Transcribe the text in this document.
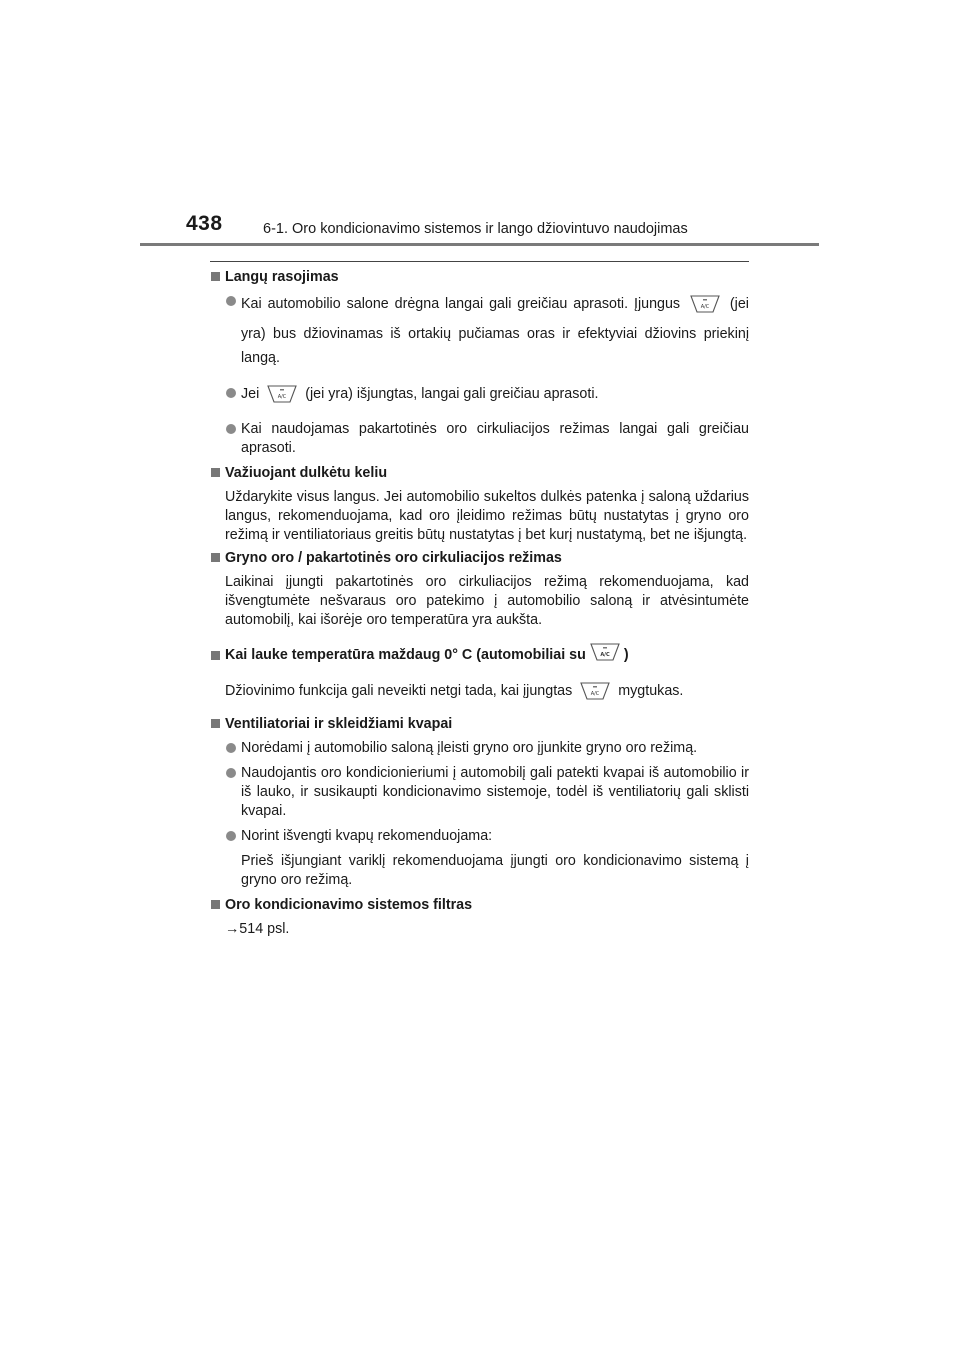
438	6-1. Oro kondicionavimo sistemos ir lango džiovintuvo naudojimas
Langų rasojimas
Kai automobilio salone drėgna langai gali greičiau aprasoti. Įjungus	A/C (jei yra) bus džiovinamas iš ortakių pučiamas oras ir efektyviai džiovins priekinį langą.
Jei	A/C (jei yra) išjungtas, langai gali greičiau aprasoti.
Kai naudojamas pakartotinės oro cirkuliacijos režimas langai gali greičiau aprasoti.
Važiuojant dulkėtu keliu
Uždarykite visus langus. Jei automobilio sukeltos dulkės patenka į saloną uždarius langus, rekomenduojama, kad oro įleidimo režimas būtų nustatytas į gryno oro režimą ir ventiliatoriaus greitis būtų nustatytas į bet kurį nustatymą, bet ne išjungtą.
Gryno oro / pakartotinės oro cirkuliacijos režimas
Laikinai įjungti pakartotinės oro cirkuliacijos režimą rekomenduojama, kad išvengtumėte nešvaraus oro patekimo į automobilio saloną ir atvėsintumėte automobilį, kai išorėje oro temperatūra yra aukšta.
Kai lauke temperatūra maždaug 0° C (automobiliai su	A/C )
Džiovinimo funkcija gali neveikti netgi tada, kai įjungtas	A/C mygtukas.
Ventiliatoriai ir skleidžiami kvapai
Norėdami į automobilio saloną įleisti gryno oro įjunkite gryno oro režimą.
Naudojantis oro kondicionieriumi į automobilį gali patekti kvapai iš automobilio ir iš lauko, ir susikaupti kondicionavimo sistemoje, todėl iš ventiliatorių gali sklisti kvapai.
Norint išvengti kvapų rekomenduojama:
Prieš išjungiant variklį rekomenduojama įjungti oro kondicionavimo sistemą į gryno oro režimą.
Oro kondicionavimo sistemos filtras
→514 psl.
